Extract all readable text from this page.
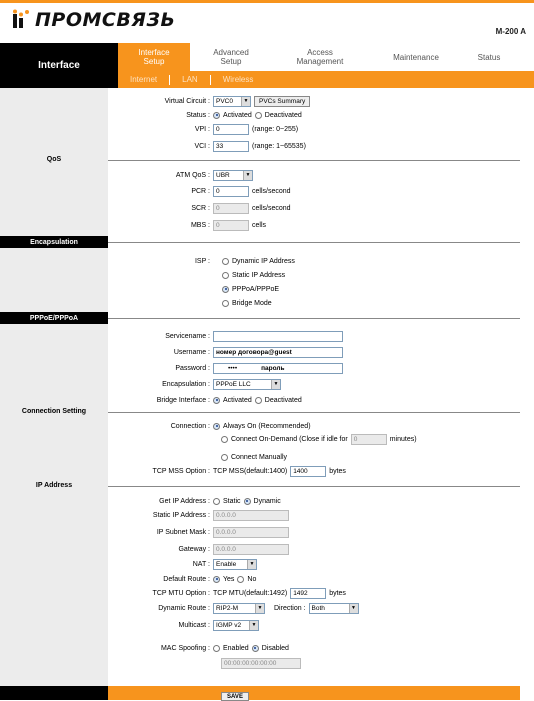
ПРОМСВЯЗЬ
M-200 A
Interface
Interface
Setup
Advanced
Setup
Access
Management	Maintenance	Status
Internet	LAN	Wireless
QoS
Encapsulation
PPPoE/PPPoA
Connection Setting
IP Address
Virtual Circuit : PVC0	▼	PVCs Summary
Status :	Activated Deactivated
VPI : 0	(range: 0~255)
VCI : 33	(range: 1~65535)
ATM QoS : UBR	▼
PCR : 0	cells/second
SCR : 0	cells/second
MBS : 0	cells
ISP :	Dynamic IP Address
Static IP Address
PPPoA/PPPoE
Bridge Mode
Servicename :
Username : номер договора@guest
Password :	••••	пароль
Encapsulation : PPPoE LLC	▼
Bridge Interface :	Activated Deactivated
Connection :	Always On (Recommended)
Connect On-Demand (Close if idle for 0	minutes)
Connect Manually
TCP MSS Option : TCP MSS(default:1400) 1400	bytes
Get IP Address :	Static Dynamic
Static IP Address : 0.0.0.0
IP Subnet Mask : 0.0.0.0
Gateway : 0.0.0.0
NAT : Enable	▼
Default Route :	Yes No
TCP MTU Option : TCP MTU(default:1492) 1492	bytes
Dynamic Route : RIP2-M	▼ Direction : Both	▼
Multicast : IGMP v2	▼
MAC Spoofing :	Enabled Disabled
00:00:00:00:00:00
SAVE
